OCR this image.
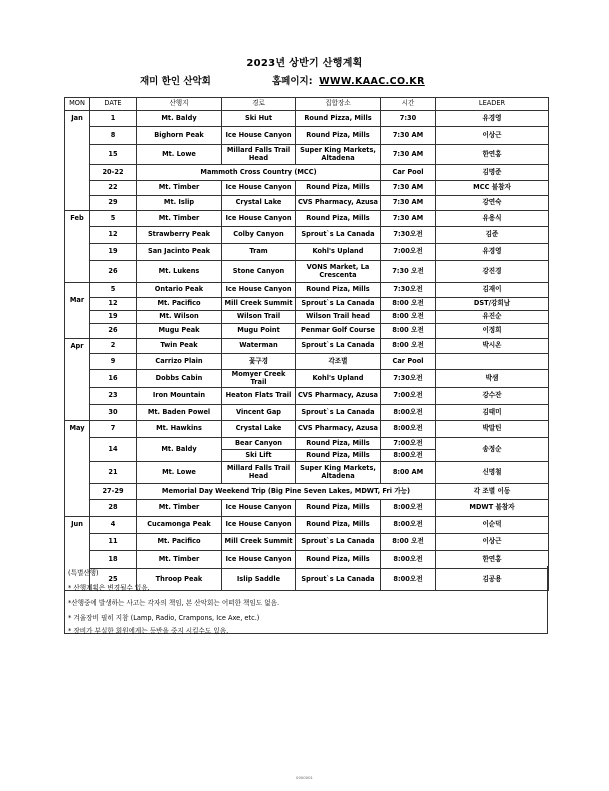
2023년 상반기 산행계획
재미 한인 산악회	홈페이지: WWW.KAAC.CO.KR
MON	DATE	산행지	경로	집합장소	시간	LEADER
Jan	1	Mt. Baldy	Ski Hut	Round Pizza, Mills	7:30	유경영
	8	Bighorn Peak	Ice House Canyon	Round Piza, Mills	7:30 AM	이상근
	15	Mt. Lowe	Millard Falls Trail Head	Super King Markets, Altadena	7:30 AM	한연홍
	20-22	Mammoth Cross Country (MCC)			Car Pool	김명준
	22	Mt. Timber	Ice House Canyon	Round Piza, Mills	7:30 AM	MCC 불참자
	29	Mt. Islip	Crystal Lake	CVS Pharmacy, Azusa	7:30 AM	강연숙
Feb	5	Mt. Timber	Ice House Canyon	Round Piza, Mills	7:30 AM	유용식
	12	Strawberry Peak	Colby Canyon	Sprout`s La Canada	7:30오전	김준
	19	San Jacinto Peak	Tram	Kohl's Upland	7:00오전	유경영
	26	Mt. Lukens	Stone Canyon	VONS Market, La Crescenta	7:30 오전	강진경
Mar	5	Ontario Peak	Ice House Canyon	Round Piza, Mills	7:30오전	김재이
	12	Mt. Pacifico	Mill Creek Summit	Sprout`s La Canada	8:00 오전	DST/강희남
	19	Mt. Wilson	Wilson Trail	Wilson Trail head	8:00 오전	유진순
	26	Mugu Peak	Mugu Point	Penmar Golf Course	8:00 오전	이정희
Apr	2	Twin Peak	Waterman	Sprout`s La Canada	8:00 오전	박시온
	9	Carrizo Plain	꽃구경	각조별	Car Pool	
	16	Dobbs Cabin	Momyer Creek Trail	Kohl's Upland	7:30오전	박샘
	23	Iron Mountain	Heaton Flats Trail	CVS Pharmacy, Azusa	7:00오전	강수잔
	30	Mt. Baden Powel	Vincent Gap	Sprout`s La Canada	8:00오전	김태미
May	7	Mt. Hawkins	Crystal Lake	CVS Pharmacy, Azusa	8:00오전	박말틴
	14	Mt. Baldy	Bear Canyon	Round Piza, Mills	7:00오전	송정순
			Ski Lift	Round Piza, Mills	8:00오전	
	21	Mt. Lowe	Millard Falls Trail Head	Super King Markets, Altadena	8:00 AM	신명철
	27-29	Memorial Day Weekend Trip (Big Pine Seven Lakes, MDWT, Fri 가능)				각 조별 이동
	28	Mt. Timber	Ice House Canyon	Round Piza, Mills	8:00오전	MDWT 불참자
Jun	4	Cucamonga Peak	Ice House Canyon	Round Piza, Mills	8:00오전	이순덕
	11	Mt. Pacifico	Mill Creek Summit	Sprout`s La Canada	8:00 오전	이상근
	18	Mt. Timber	Ice House Canyon	Round Piza, Mills	8:00오전	한연홍
	25	Throop Peak	Islip Saddle	Sprout`s La Canada	8:00오전	김공용
(특별산행)
* 산행계획은 변경될수 있음.
*산행중에 발생하는 사고는 각자의 책임, 본 산악회는 어떠한 책임도 없음.
* 겨울장비 필히 지참 (Lamp, Radio, Crampons, Ice Axe, etc.)
* 장비가 부실한 회원에게는 등반을 중지 시킬수도 있음.
0000001
